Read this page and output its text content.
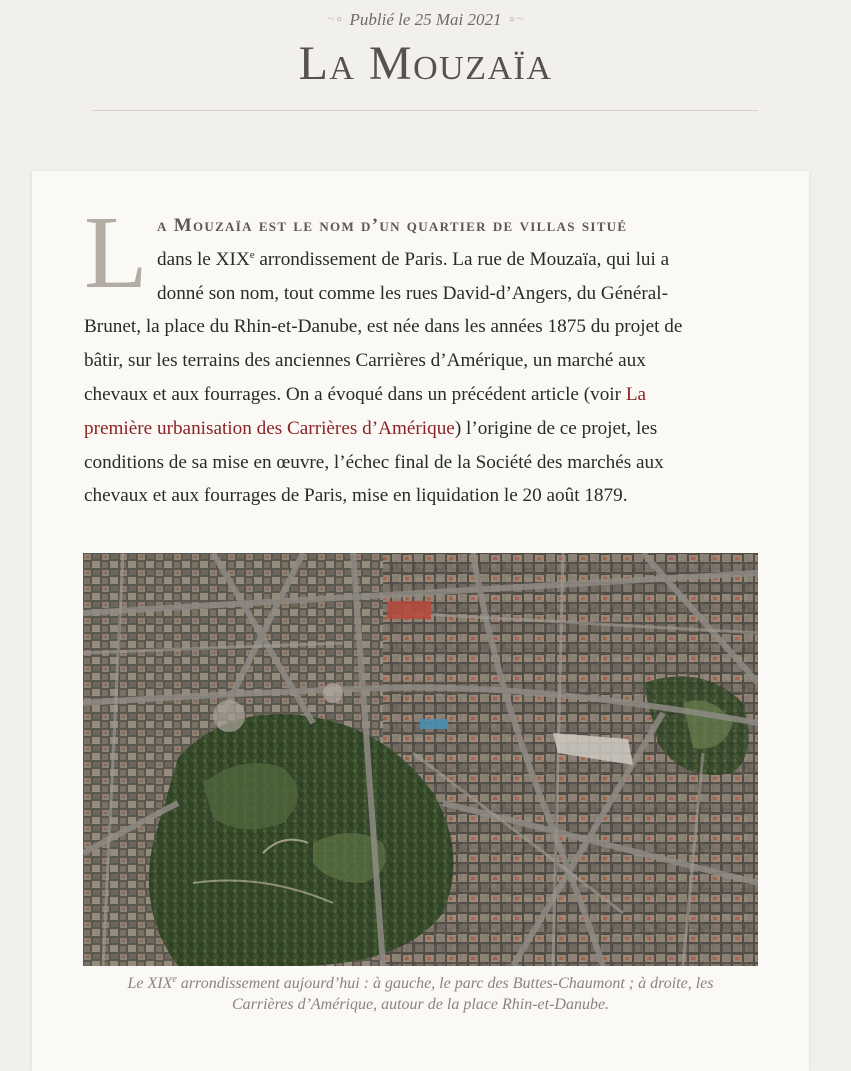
~∘ Publié le 25 Mai 2021 ∘~
La Mouzaïa
L a Mouzaïa est le nom d’un quartier de villas situé
dans le XIXe arrondissement de Paris. La rue de Mouzaïa, qui lui a
donné son nom, tout comme les rues David-d’Angers, du Général-
Brunet, la place du Rhin-et-Danube, est née dans les années 1875 du projet de
bâtir, sur les terrains des anciennes Carrières d’Amérique, un marché aux
chevaux et aux fourrages. On a évoqué dans un précédent article (voir La
première urbanisation des Carrières d’Amérique) l’origine de ce projet, les
conditions de sa mise en œuvre, l’échec final de la Société des marchés aux
chevaux et aux fourrages de Paris, mise en liquidation le 20 août 1879.

Le XIXe arrondissement aujourd’hui : à gauche, le parc des Buttes-Chaumont ; à droite, les
Carrières d’Amérique, autour de la place Rhin-et-Danube.
